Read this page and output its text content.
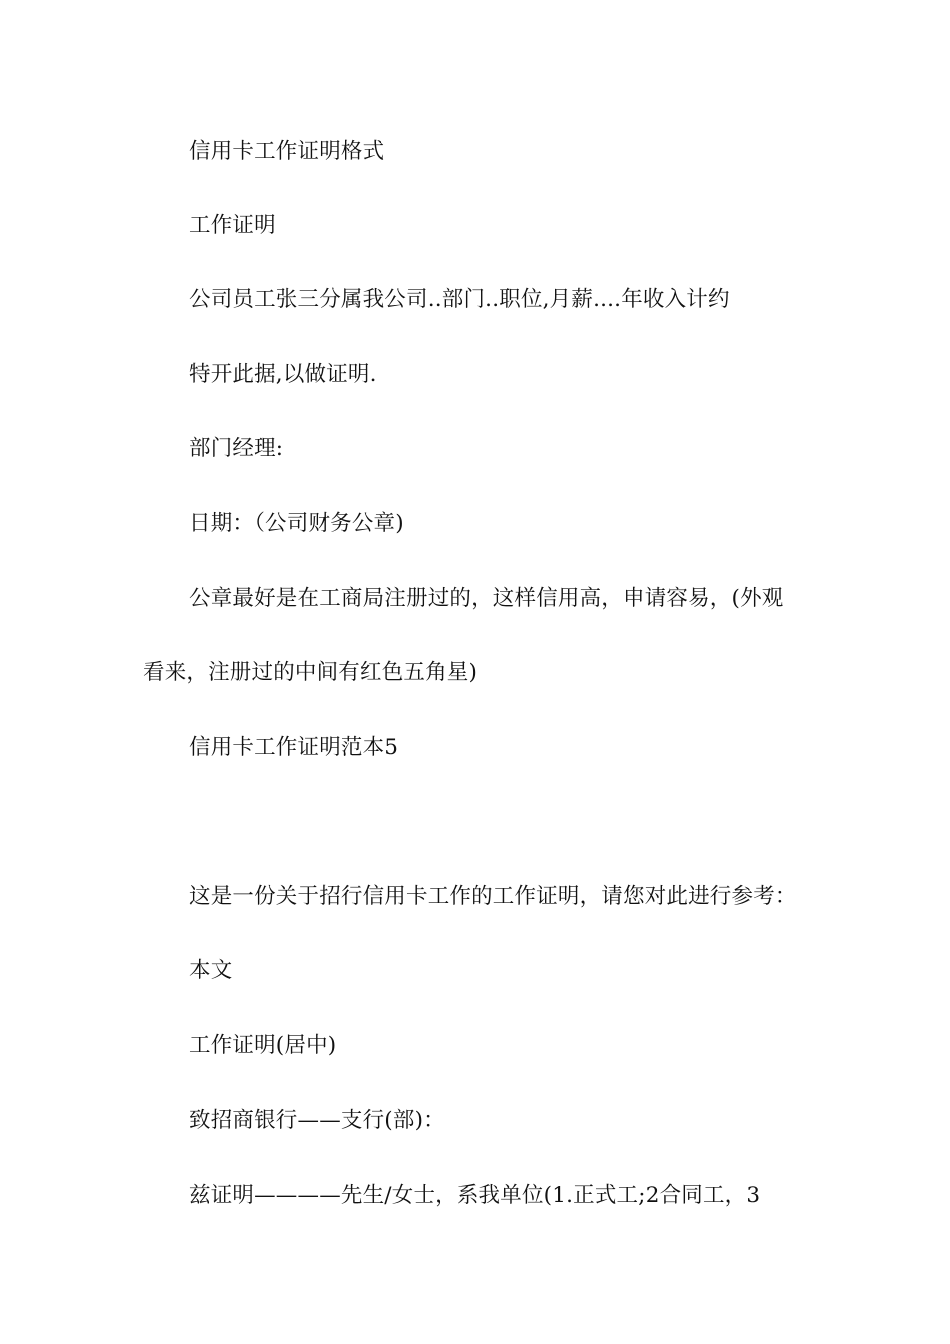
信用卡工作证明格式
工作证明
公司员工张三分属我公司..部门..职位,月薪....年收入计约
特开此据,以做证明.
部门经理:
日期：（公司财务公章)
公章最好是在工商局注册过的，这样信用高，申请容易，(外观
看来，注册过的中间有红色五角星)
信用卡工作证明范本5
这是一份关于招行信用卡工作的工作证明，请您对此进行参考：
本文
工作证明(居中)
致招商银行——支行(部)：
兹证明————先生/女士，系我单位(1.正式工;2合同工，3
